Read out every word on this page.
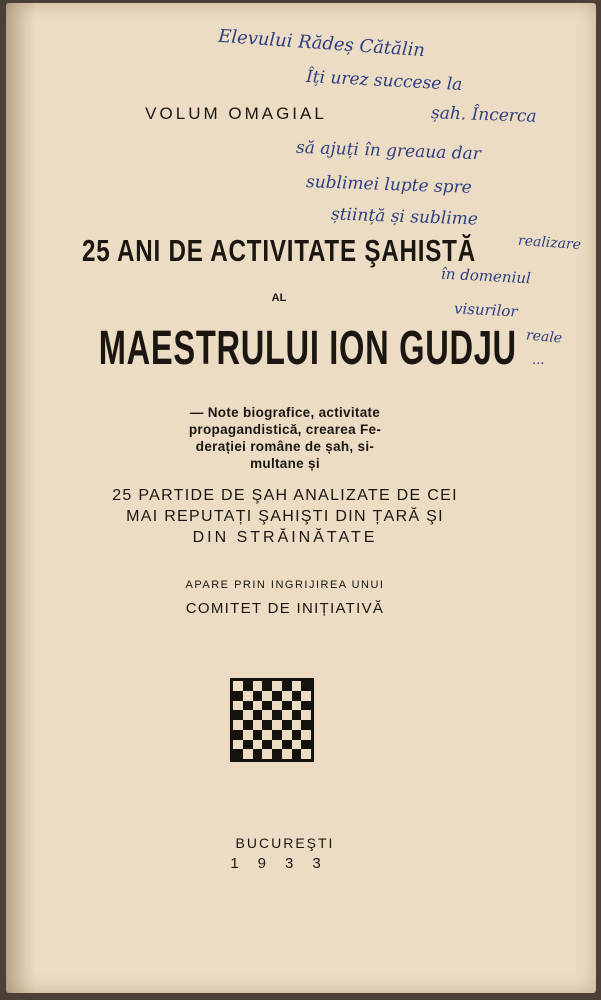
Elevului Rădeș Cătălin
Îți urez succese la
șah. Încerca
să ajuți în greaua dar
sublimei lupte spre
știință și sublime
realizare
în domeniul
visurilor
reale
...
VOLUM OMAGIAL
25 ANI DE ACTIVITATE ŞAHISTĂ
AL
MAESTRULUI ION GUDJU
— Note biografice, activitate
propagandistică, crearea Fe-
derației române de șah, si-
multane și
25 PARTIDE DE ŞAH ANALIZATE DE CEI
MAI REPUTAȚI ŞAHIŞTI DIN ȚARĂ ŞI
DIN STRĂINĂTATE
APARE PRIN INGRIJIREA UNUI
COMITET DE INIȚIATIVĂ
BUCUREŞTI
1933
